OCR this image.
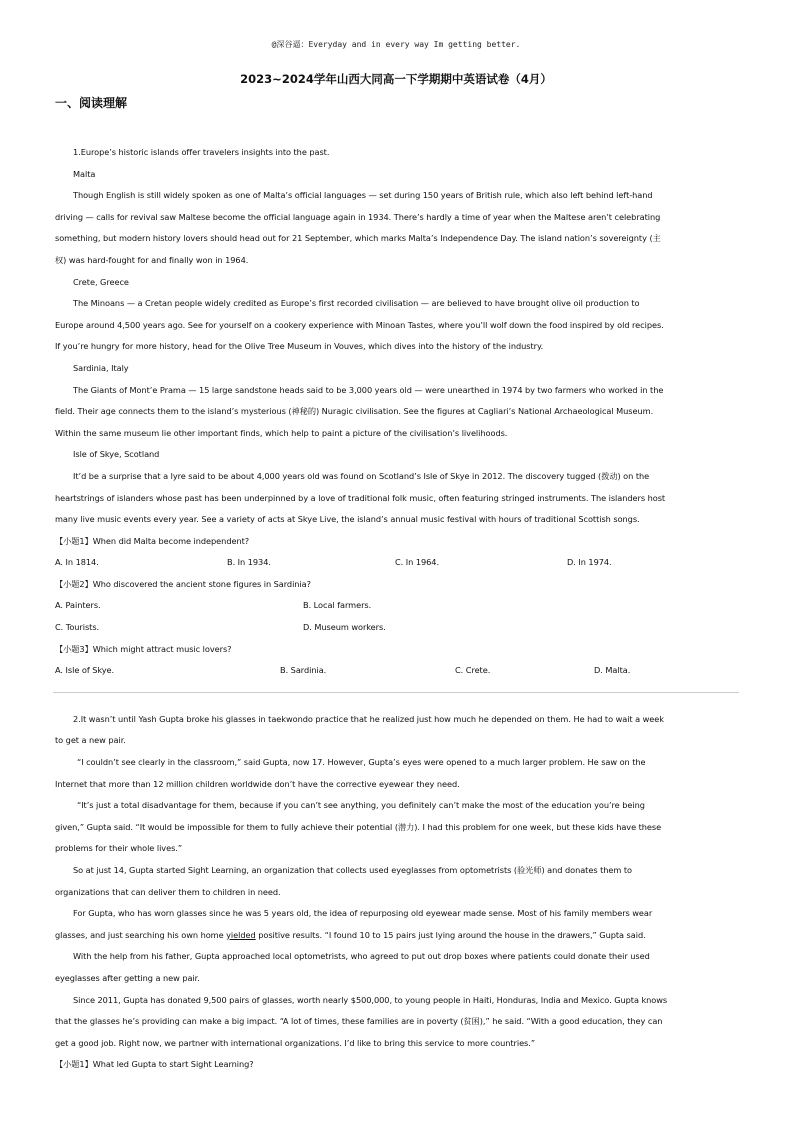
@深谷逼：Everyday and in every way Im getting better.
2023~2024学年山西大同高一下学期期中英语试卷（4月）
一、阅读理解

1.Europe’s historic islands offer travelers insights into the past.

Malta

Though English is still widely spoken as one of Malta’s official languages — set during 150 years of British rule, which also left behind left-hand

driving — calls for revival saw Maltese become the official language again in 1934. There’s hardly a time of year when the Maltese aren’t celebrating

something, but modern history lovers should head out for 21 September, which marks Malta’s Independence Day. The island nation’s sovereignty (主

权) was hard-fought for and finally won in 1964.

Crete, Greece

The Minoans — a Cretan people widely credited as Europe’s first recorded civilisation — are believed to have brought olive oil production to

Europe around 4,500 years ago. See for yourself on a cookery experience with Minoan Tastes, where you’ll wolf down the food inspired by old recipes.

If you’re hungry for more history, head for the Olive Tree Museum in Vouves, which dives into the history of the industry.

Sardinia, Italy

The Giants of Mont’e Prama — 15 large sandstone heads said to be 3,000 years old — were unearthed in 1974 by two farmers who worked in the

field. Their age connects them to the island’s mysterious (神秘的) Nuragic civilisation. See the figures at Cagliari’s National Archaeological Museum.

Within the same museum lie other important finds, which help to paint a picture of the civilisation’s livelihoods.

Isle of Skye, Scotland

It’d be a surprise that a lyre said to be about 4,000 years old was found on Scotland’s Isle of Skye in 2012. The discovery tugged (拨动) on the

heartstrings of islanders whose past has been underpinned by a love of traditional folk music, often featuring stringed instruments. The islanders host

many live music events every year. See a variety of acts at Skye Live, the island’s annual music festival with hours of traditional Scottish songs.

【小题1】When did Malta become independent?

A. In 1814.	B. In 1934.	C. In 1964.	D. In 1974.

【小题2】Who discovered the ancient stone figures in Sardinia?

A. Painters.	B. Local farmers.
C. Tourists.	D. Museum workers.

【小题3】Which might attract music lovers?

A. Isle of Skye.	B. Sardinia.	C. Crete.	D. Malta.

2.It wasn’t until Yash Gupta broke his glasses in taekwondo practice that he realized just how much he depended on them. He had to wait a week

to get a new pair.

“I couldn’t see clearly in the classroom,” said Gupta, now 17. However, Gupta’s eyes were opened to a much larger problem. He saw on the

Internet that more than 12 million children worldwide don’t have the corrective eyewear they need.

“It’s just a total disadvantage for them, because if you can’t see anything, you definitely can’t make the most of the education you’re being

given,” Gupta said. “It would be impossible for them to fully achieve their potential (潜力). I had this problem for one week, but these kids have these

problems for their whole lives.”

So at just 14, Gupta started Sight Learning, an organization that collects used eyeglasses from optometrists (验光师) and donates them to

organizations that can deliver them to children in need.

For Gupta, who has worn glasses since he was 5 years old, the idea of repurposing old eyewear made sense. Most of his family members wear

glasses, and just searching his own home yielded positive results. “I found 10 to 15 pairs just lying around the house in the drawers,” Gupta said.

With the help from his father, Gupta approached local optometrists, who agreed to put out drop boxes where patients could donate their used

eyeglasses after getting a new pair.

Since 2011, Gupta has donated 9,500 pairs of glasses, worth nearly $500,000, to young people in Haiti, Honduras, India and Mexico. Gupta knows

that the glasses he’s providing can make a big impact. “A lot of times, these families are in poverty (贫困),” he said. “With a good education, they can

get a good job. Right now, we partner with international organizations. I’d like to bring this service to more countries.”

【小题1】What led Gupta to start Sight Learning?
